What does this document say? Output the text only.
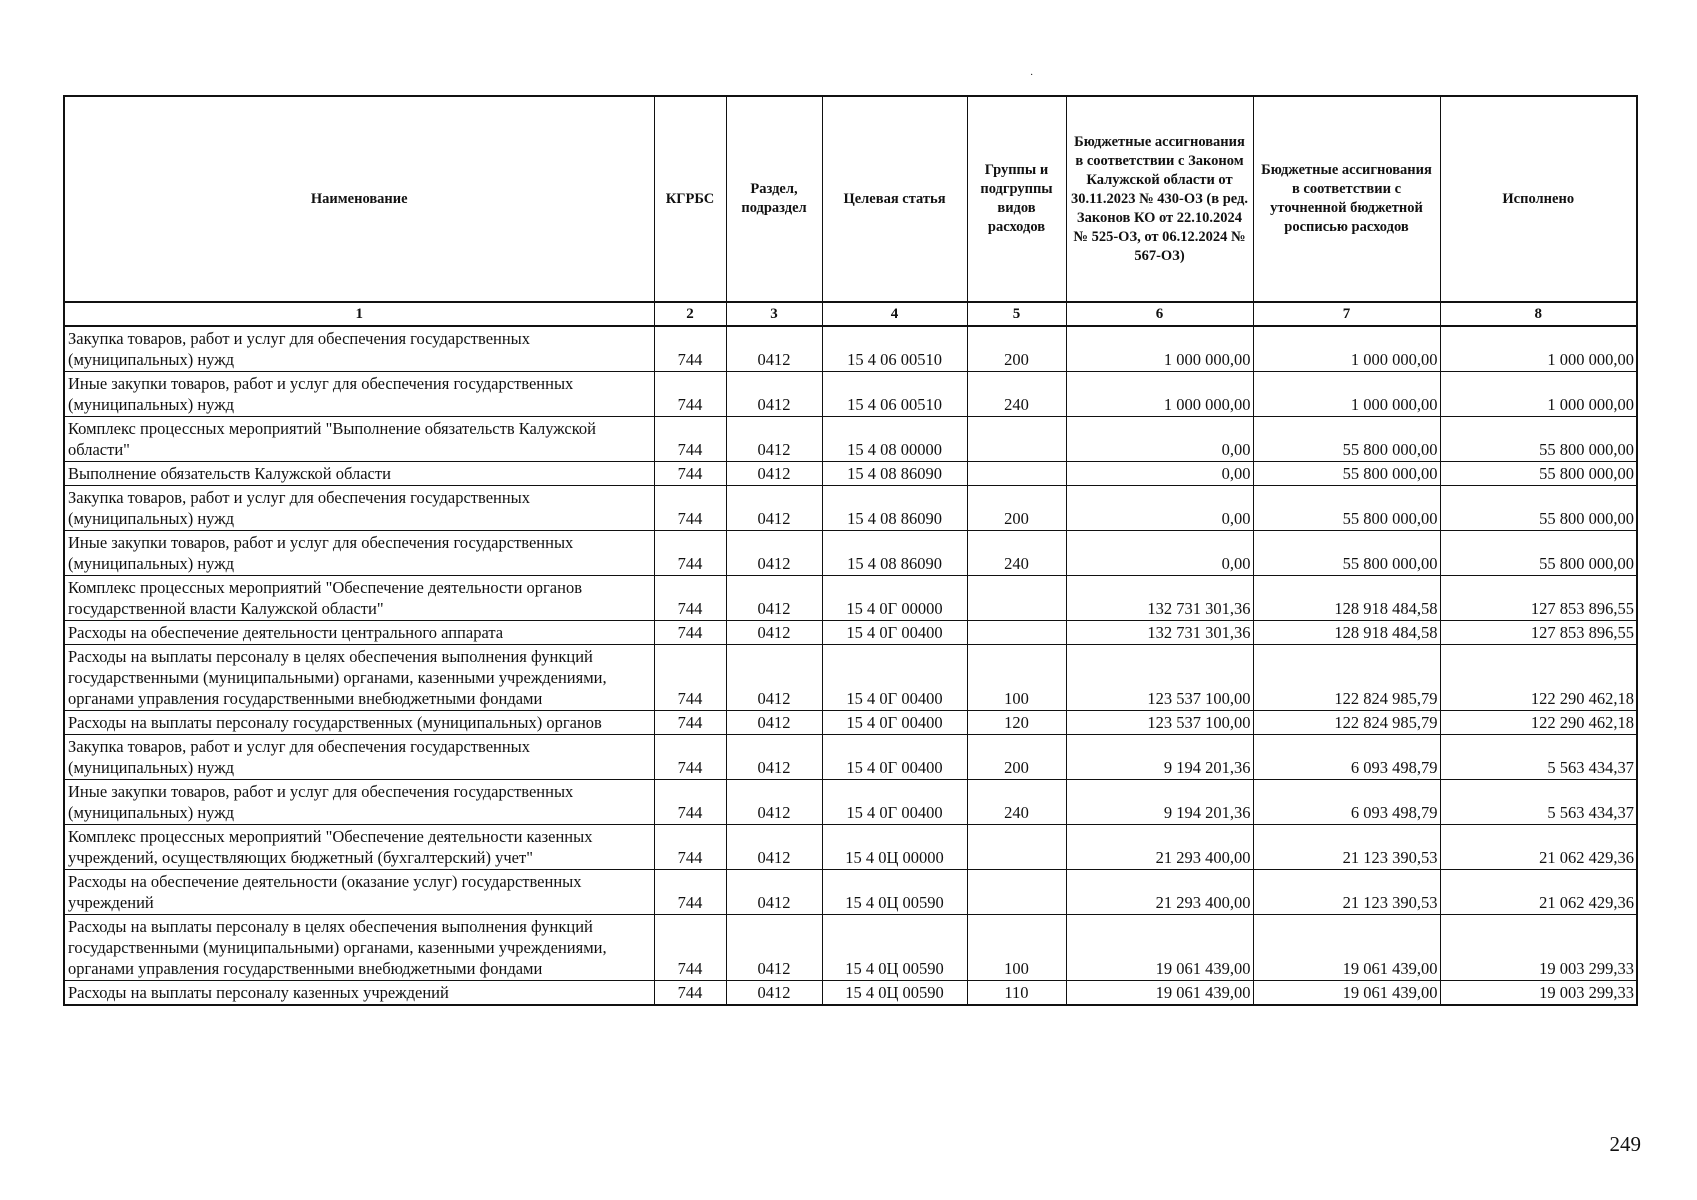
·
Наименование	КГРБС	Раздел, подраздел	Целевая статья	Группы и подгруппы видов расходов	Бюджетные ассигнования в соответствии с Законом Калужской области от 30.11.2023 № 430-ОЗ (в ред. Законов КО от 22.10.2024 № 525-ОЗ, от 06.12.2024 № 567-ОЗ)	Бюджетные ассигнования в соответствии с уточненной бюджетной росписью расходов	Исполнено
1	2	3	4	5	6	7	8
Закупка товаров, работ и услуг для обеспечения государственных (муниципальных) нужд	744	0412	15 4 06 00510	200	1 000 000,00	1 000 000,00	1 000 000,00
Иные закупки товаров, работ и услуг для обеспечения государственных (муниципальных) нужд	744	0412	15 4 06 00510	240	1 000 000,00	1 000 000,00	1 000 000,00
Комплекс процессных мероприятий "Выполнение обязательств Калужской области"	744	0412	15 4 08 00000		0,00	55 800 000,00	55 800 000,00
Выполнение обязательств Калужской области	744	0412	15 4 08 86090		0,00	55 800 000,00	55 800 000,00
Закупка товаров, работ и услуг для обеспечения государственных (муниципальных) нужд	744	0412	15 4 08 86090	200	0,00	55 800 000,00	55 800 000,00
Иные закупки товаров, работ и услуг для обеспечения государственных (муниципальных) нужд	744	0412	15 4 08 86090	240	0,00	55 800 000,00	55 800 000,00
Комплекс процессных мероприятий "Обеспечение деятельности органов государственной власти Калужской области"	744	0412	15 4 0Г 00000		132 731 301,36	128 918 484,58	127 853 896,55
Расходы на обеспечение деятельности центрального аппарата	744	0412	15 4 0Г 00400		132 731 301,36	128 918 484,58	127 853 896,55
Расходы на выплаты персоналу в целях обеспечения выполнения функций государственными (муниципальными) органами, казенными учреждениями, органами управления государственными внебюджетными фондами	744	0412	15 4 0Г 00400	100	123 537 100,00	122 824 985,79	122 290 462,18
Расходы на выплаты персоналу государственных (муниципальных) органов	744	0412	15 4 0Г 00400	120	123 537 100,00	122 824 985,79	122 290 462,18
Закупка товаров, работ и услуг для обеспечения государственных (муниципальных) нужд	744	0412	15 4 0Г 00400	200	9 194 201,36	6 093 498,79	5 563 434,37
Иные закупки товаров, работ и услуг для обеспечения государственных (муниципальных) нужд	744	0412	15 4 0Г 00400	240	9 194 201,36	6 093 498,79	5 563 434,37
Комплекс процессных мероприятий "Обеспечение деятельности казенных учреждений, осуществляющих бюджетный (бухгалтерский) учет"	744	0412	15 4 0Ц 00000		21 293 400,00	21 123 390,53	21 062 429,36
Расходы на обеспечение деятельности (оказание услуг) государственных учреждений	744	0412	15 4 0Ц 00590		21 293 400,00	21 123 390,53	21 062 429,36
Расходы на выплаты персоналу в целях обеспечения выполнения функций государственными (муниципальными) органами, казенными учреждениями, органами управления государственными внебюджетными фондами	744	0412	15 4 0Ц 00590	100	19 061 439,00	19 061 439,00	19 003 299,33
Расходы на выплаты персоналу казенных учреждений	744	0412	15 4 0Ц 00590	110	19 061 439,00	19 061 439,00	19 003 299,33
249
